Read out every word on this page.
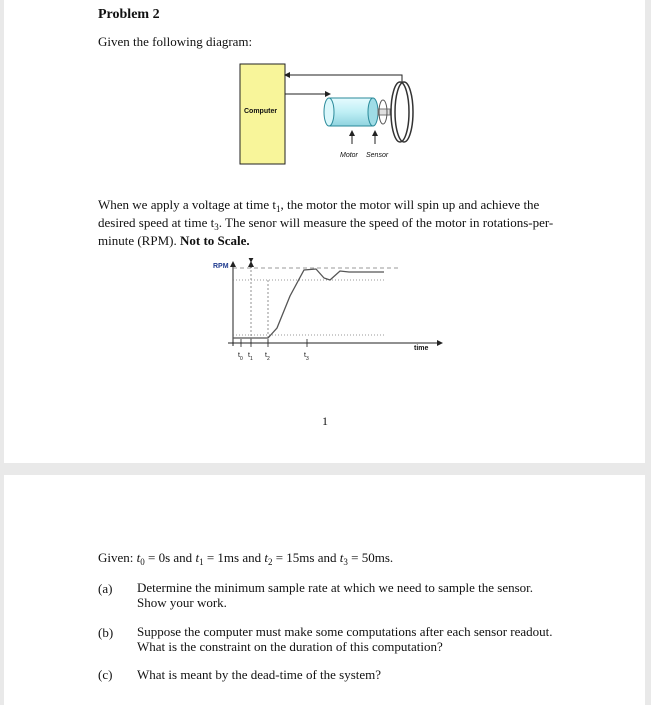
Problem 2
Given the following diagram:
Computer
Motor Sensor
When we apply a voltage at time $t_1$, the motor the motor will spin up and achieve the
desired speed at time $t_3$. The senor will measure the speed of the motor in rotations-per-
minute (RPM). Not to Scale.
RPM
time
$t_0$ $t_1$ $t_2$	$t_3$
1
Given: $t_0 = 0s$ and $t_1 = 1ms$ and $t_2 = 15ms$ and $t_3 = 50ms$.
(a) Determine the minimum sample rate at which we need to sample the sensor.
Show your work.
(b) Suppose the computer must make some computations after each sensor readout.
What is the constraint on the duration of this computation?
(c) What is meant by the dead-time of the system?
